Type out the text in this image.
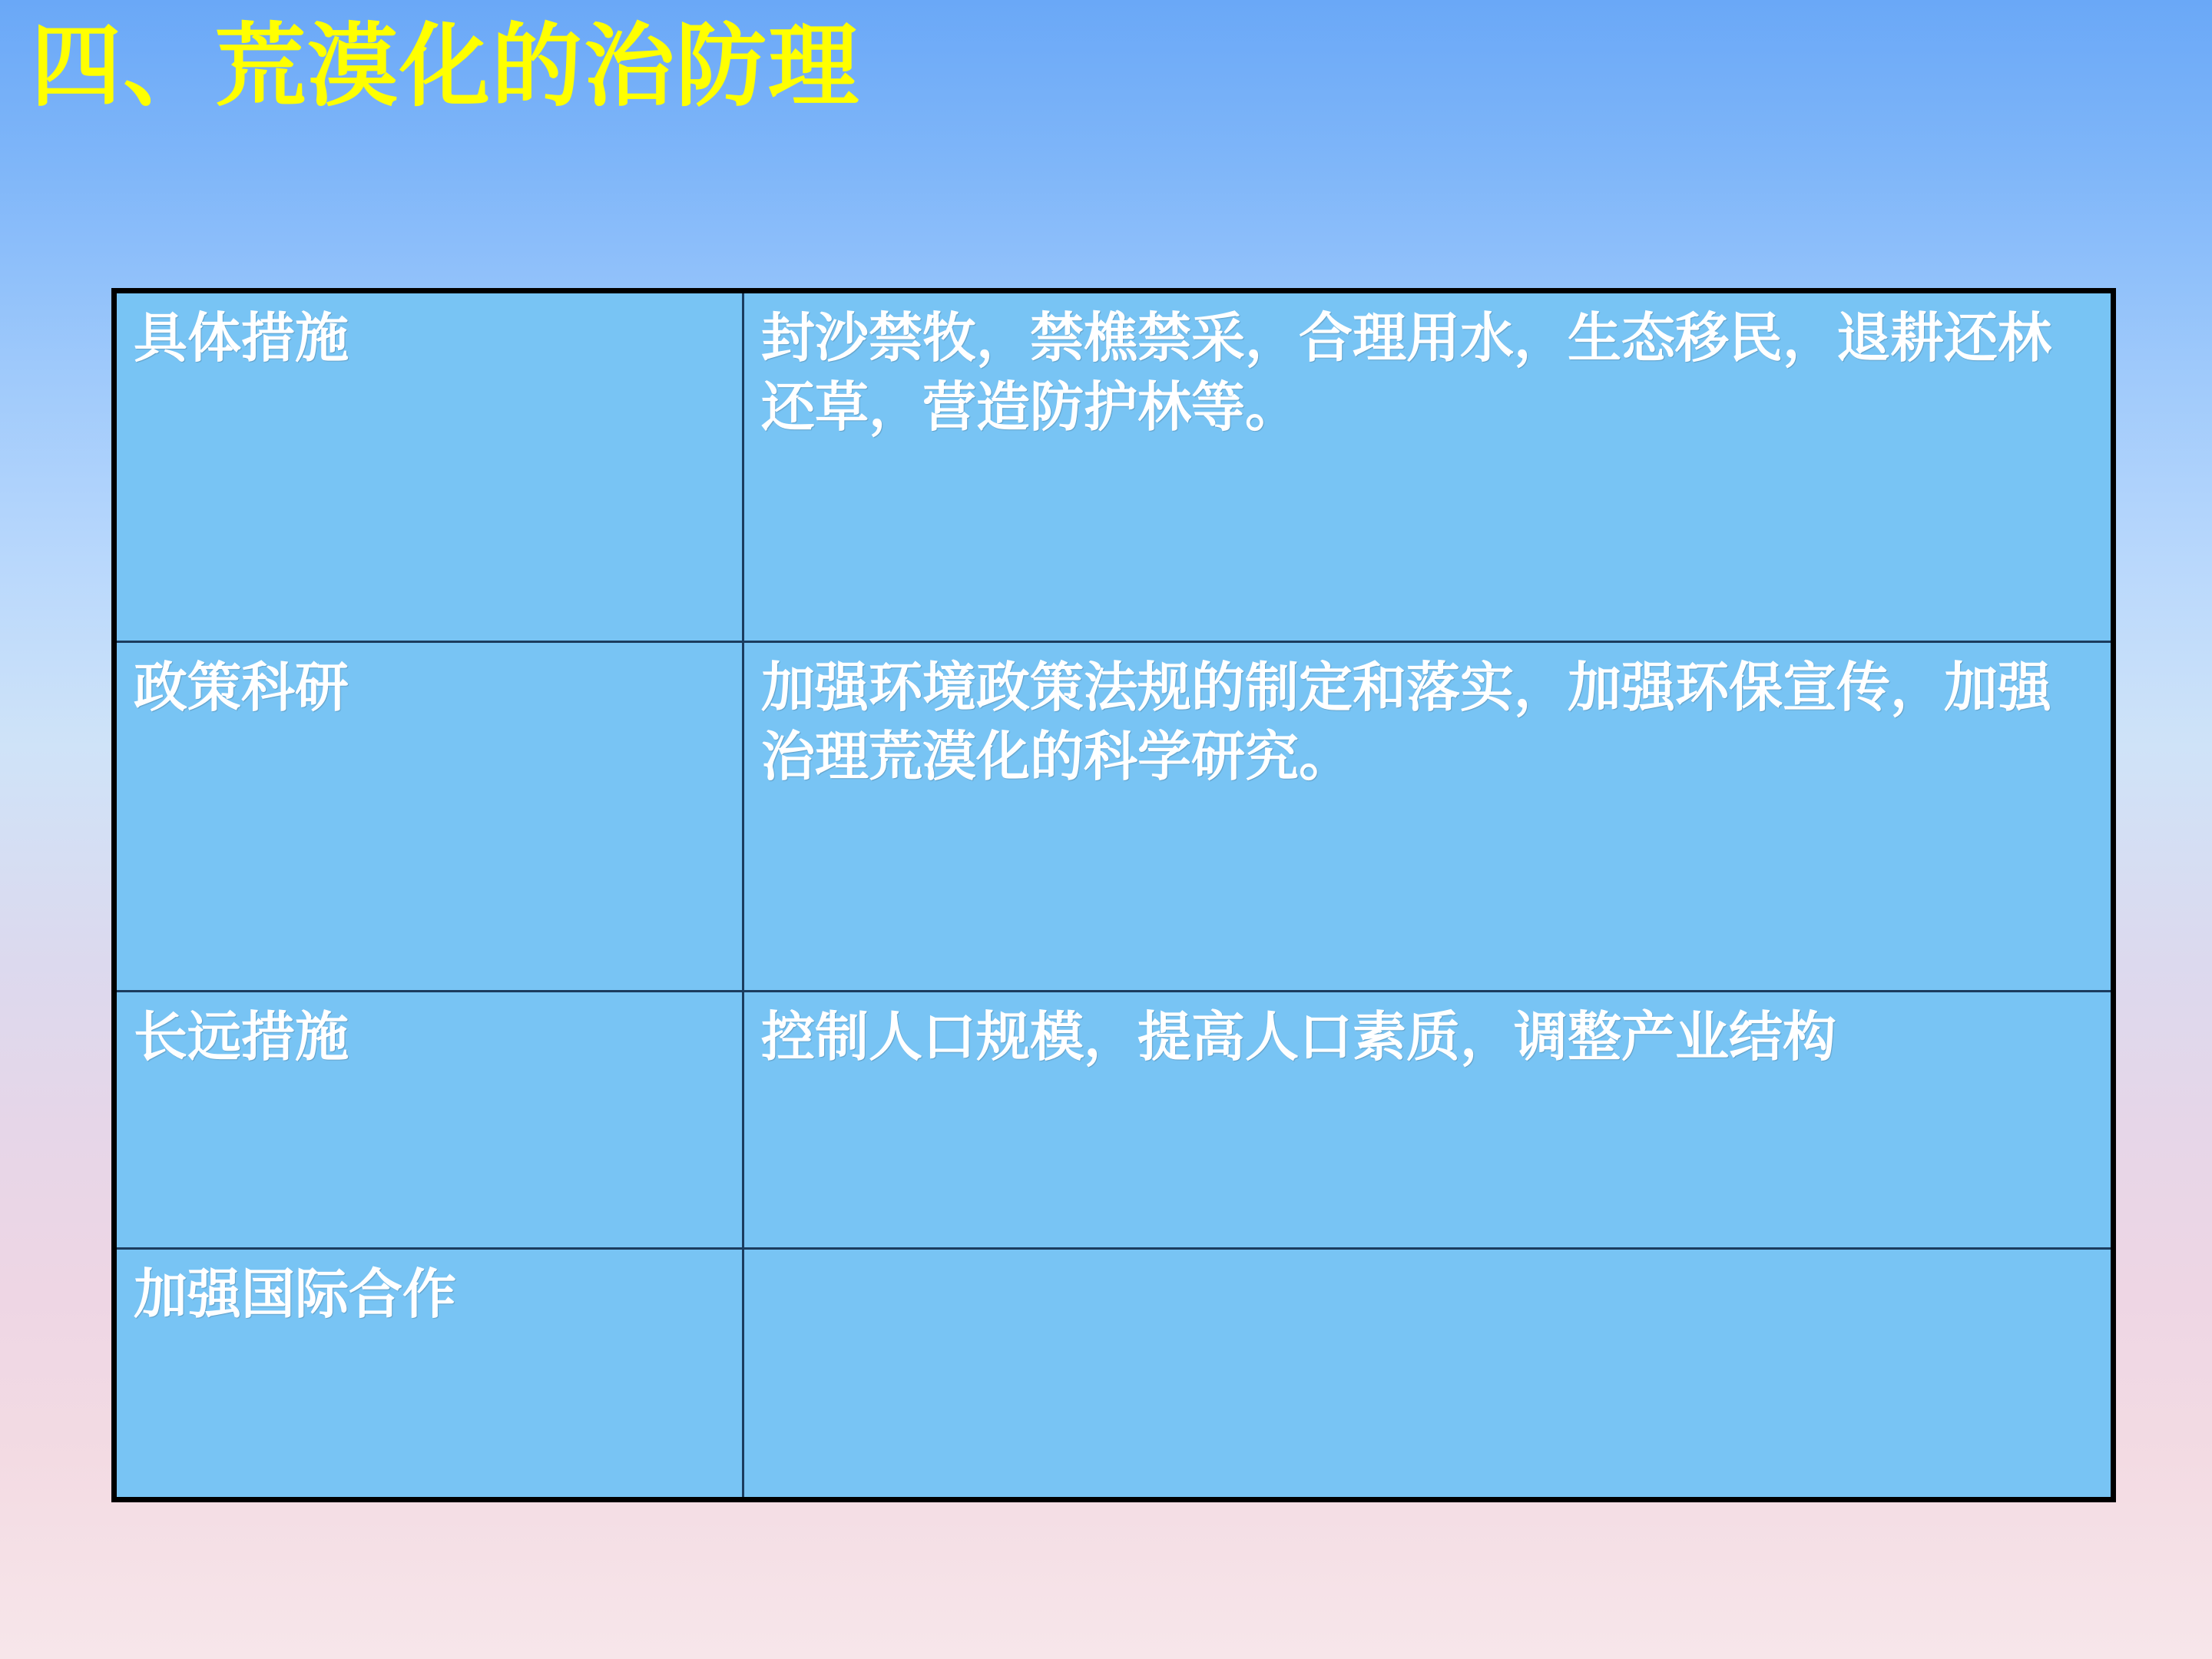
四、荒漠化的治防理
具体措施	封沙禁牧，禁樵禁采，合理用水，生态移民，退耕还林还草，营造防护林等。

政策科研	加强环境政策法规的制定和落实，加强环保宣传，加强治理荒漠化的科学研究。

长远措施	控制人口规模，提高人口素质，调整产业结构

加强国际合作	
